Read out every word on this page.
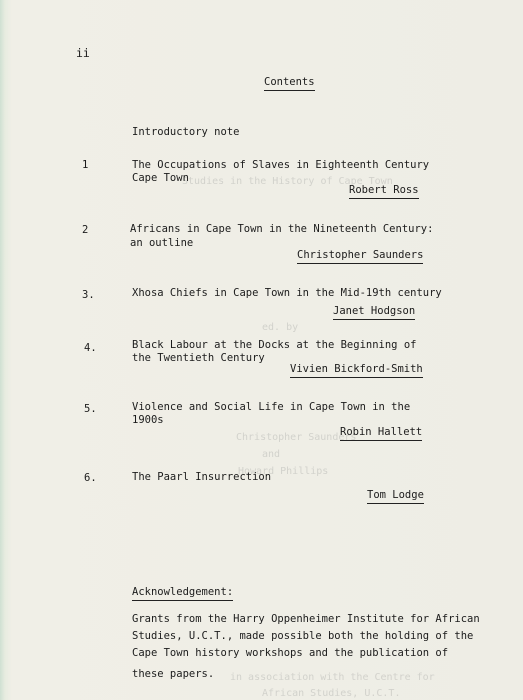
Studies in the History of Cape Town
ed. by
Christopher Saunders
and
Howard Phillips
in association with the Centre for
African Studies, U.C.T.
ii
Contents
Introductory note
1	The Occupations of Slaves in Eighteenth Century
Cape Town
Robert Ross
2	Africans in Cape Town in the Nineteenth Century:
an outline
Christopher Saunders
3.	Xhosa Chiefs in Cape Town in the Mid-19th century
Janet Hodgson
4.	Black Labour at the Docks at the Beginning of
the Twentieth Century
Vivien Bickford-Smith
5.	Violence and Social Life in Cape Town in the
1900s
Robin Hallett
6.	The Paarl Insurrection
Tom Lodge
Acknowledgement:
Grants from the Harry Oppenheimer Institute for African
Studies, U.C.T., made possible both the holding of the
Cape Town history workshops and the publication of
these papers.
